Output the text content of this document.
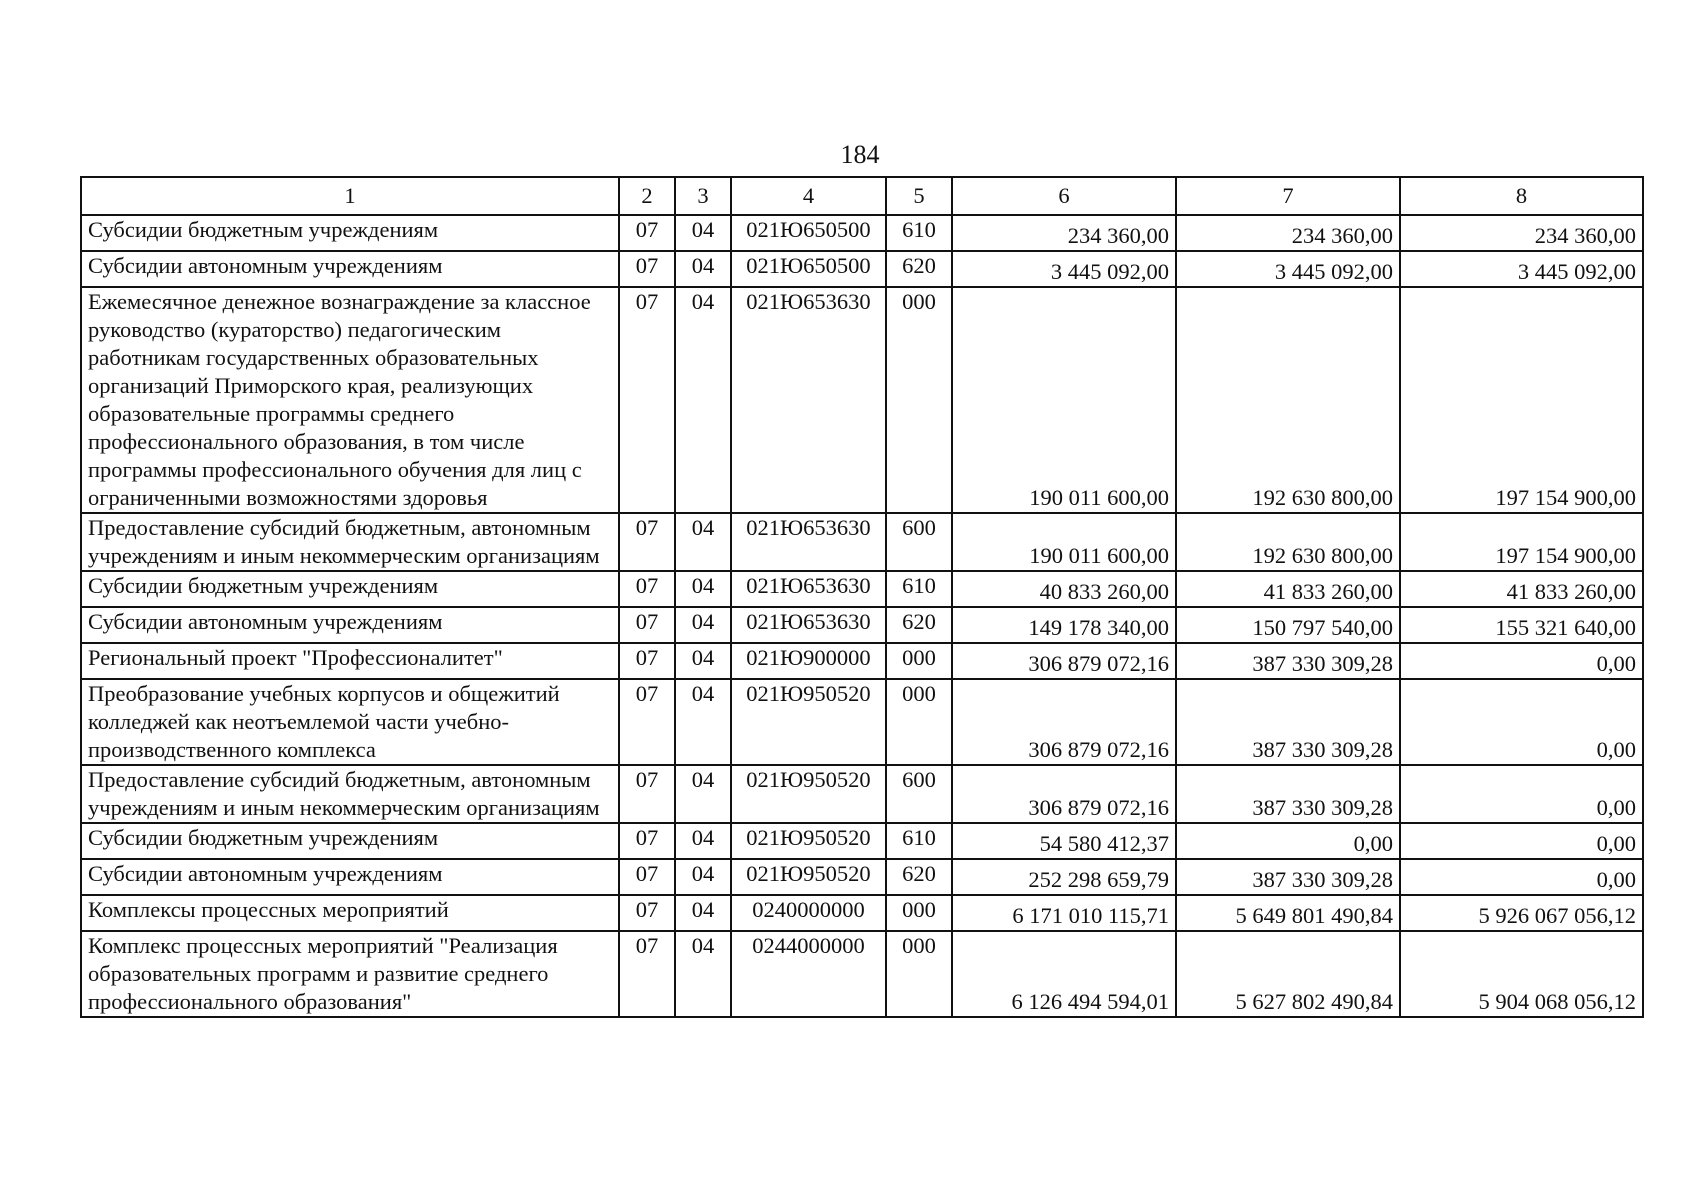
184
1	2	3	4	5	6	7	8
Субсидии бюджетным учреждениям	07	04	021Ю650500	610	234 360,00	234 360,00	234 360,00
Субсидии автономным учреждениям	07	04	021Ю650500	620	3 445 092,00	3 445 092,00	3 445 092,00
Ежемесячное денежное вознаграждение за классное руководство (кураторство) педагогическим работникам государственных образовательных организаций Приморского края, реализующих образовательные программы среднего профессионального образования, в том числе программы профессионального обучения для лиц с ограниченными возможностями здоровья	07	04	021Ю653630	000	190 011 600,00	192 630 800,00	197 154 900,00
Предоставление субсидий бюджетным, автономным учреждениям и иным некоммерческим организациям	07	04	021Ю653630	600	190 011 600,00	192 630 800,00	197 154 900,00
Субсидии бюджетным учреждениям	07	04	021Ю653630	610	40 833 260,00	41 833 260,00	41 833 260,00
Субсидии автономным учреждениям	07	04	021Ю653630	620	149 178 340,00	150 797 540,00	155 321 640,00
Региональный проект "Профессионалитет"	07	04	021Ю900000	000	306 879 072,16	387 330 309,28	0,00
Преобразование учебных корпусов и общежитий колледжей как неотъемлемой части учебно-производственного комплекса	07	04	021Ю950520	000	306 879 072,16	387 330 309,28	0,00
Предоставление субсидий бюджетным, автономным учреждениям и иным некоммерческим организациям	07	04	021Ю950520	600	306 879 072,16	387 330 309,28	0,00
Субсидии бюджетным учреждениям	07	04	021Ю950520	610	54 580 412,37	0,00	0,00
Субсидии автономным учреждениям	07	04	021Ю950520	620	252 298 659,79	387 330 309,28	0,00
Комплексы процессных мероприятий	07	04	0240000000	000	6 171 010 115,71	5 649 801 490,84	5 926 067 056,12
Комплекс процессных мероприятий "Реализация образовательных программ и развитие среднего профессионального образования"	07	04	0244000000	000	6 126 494 594,01	5 627 802 490,84	5 904 068 056,12
